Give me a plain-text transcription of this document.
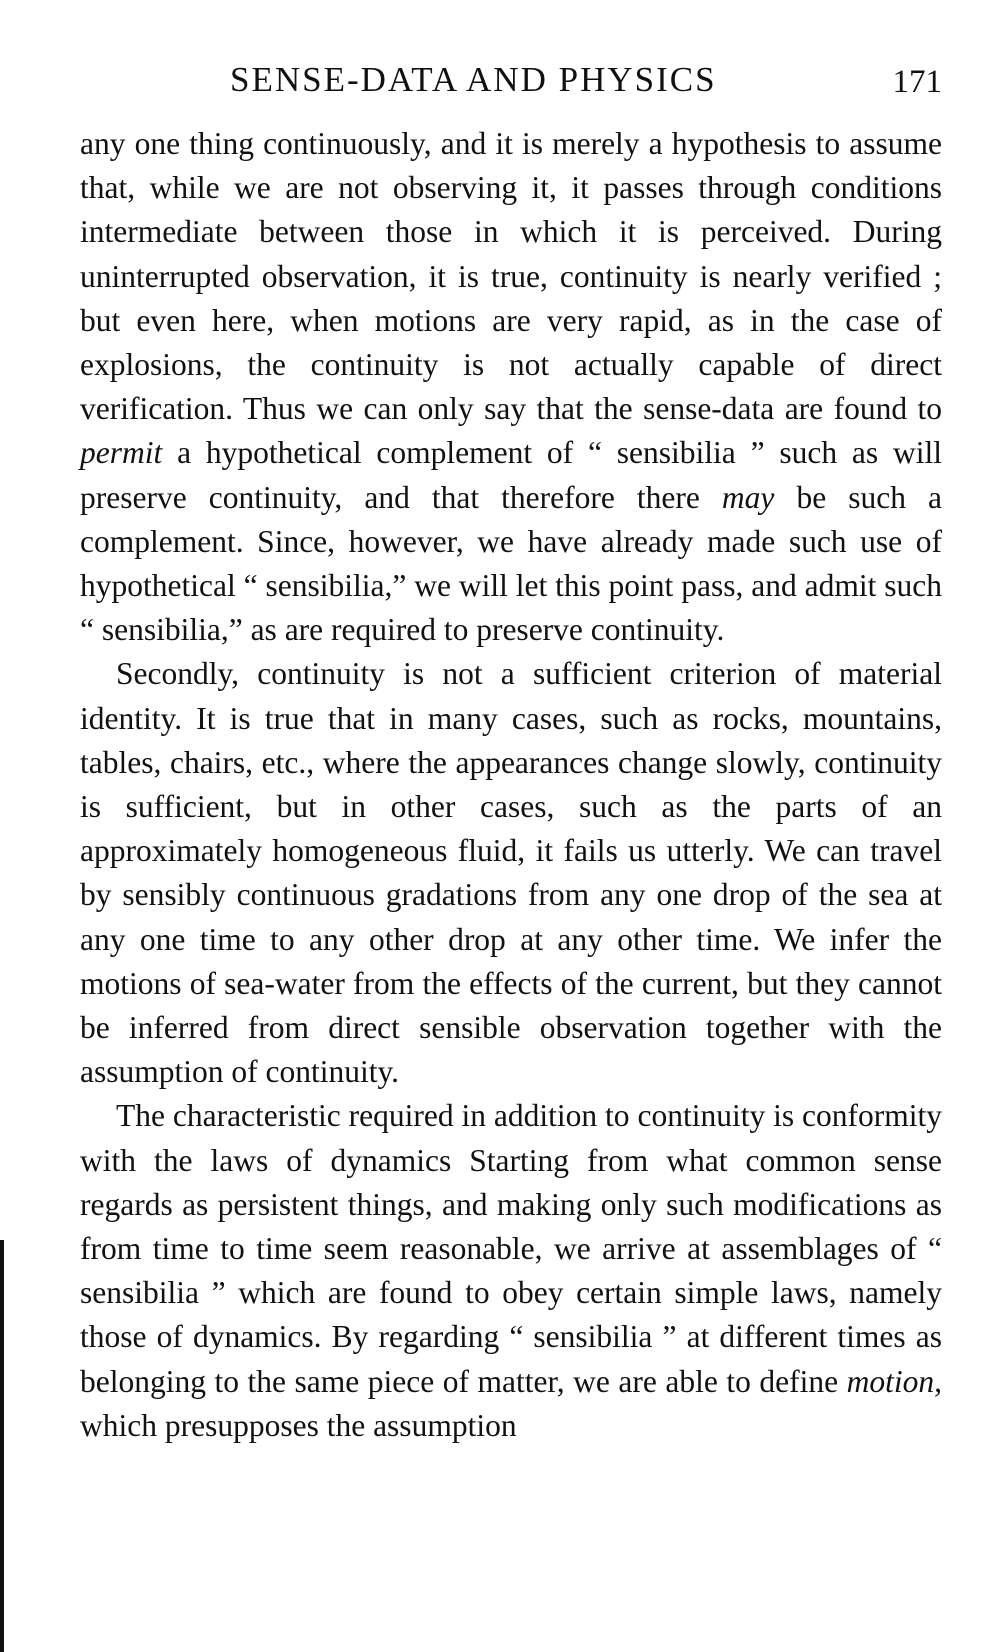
SENSE-DATA AND PHYSICS	171

any one thing continuously, and it is merely a hypothesis to assume that, while we are not observing it, it passes through conditions intermediate between those in which it is perceived. During uninterrupted observation, it is true, continuity is nearly verified ; but even here, when motions are very rapid, as in the case of explosions, the continuity is not actually capable of direct verification. Thus we can only say that the sense-data are found to permit a hypothetical complement of “ sensibilia ” such as will preserve continuity, and that therefore there may be such a complement. Since, however, we have already made such use of hypothetical “ sensibilia,” we will let this point pass, and admit such “ sensibilia,” as are required to preserve continuity.

Secondly, continuity is not a sufficient criterion of material identity. It is true that in many cases, such as rocks, mountains, tables, chairs, etc., where the appearances change slowly, continuity is sufficient, but in other cases, such as the parts of an approximately homogeneous fluid, it fails us utterly. We can travel by sensibly continuous gradations from any one drop of the sea at any one time to any other drop at any other time. We infer the motions of sea-water from the effects of the current, but they cannot be inferred from direct sensible observation together with the assumption of continuity.

The characteristic required in addition to continuity is conformity with the laws of dynamics Starting from what common sense regards as persistent things, and making only such modifications as from time to time seem reasonable, we arrive at assemblages of “ sensibilia ” which are found to obey certain simple laws, namely those of dynamics. By regarding “ sensibilia ” at different times as belonging to the same piece of matter, we are able to define motion, which presupposes the assumption
